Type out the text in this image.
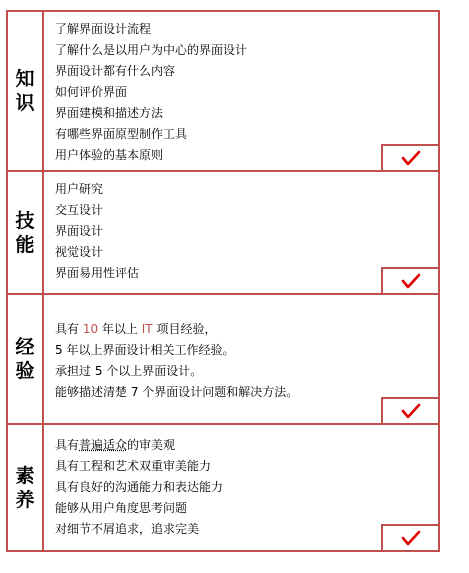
知
识
了解界面设计流程
了解什么是以用户为中心的界面设计
界面设计都有什么内容
如何评价界面
界面建模和描述方法
有哪些界面原型制作工具
用户体验的基本原则
技
能
用户研究
交互设计
界面设计
视觉设计
界面易用性评估
经
验
具有 10 年以上 IT 项目经验，
5 年以上界面设计相关工作经验。
承担过 5 个以上界面设计。
能够描述清楚 7 个界面设计问题和解决方法。
素
养
具有普遍适众的审美观
具有工程和艺术双重审美能力
具有良好的沟通能力和表达能力
能够从用户角度思考问题
对细节不屑追求，追求完美
